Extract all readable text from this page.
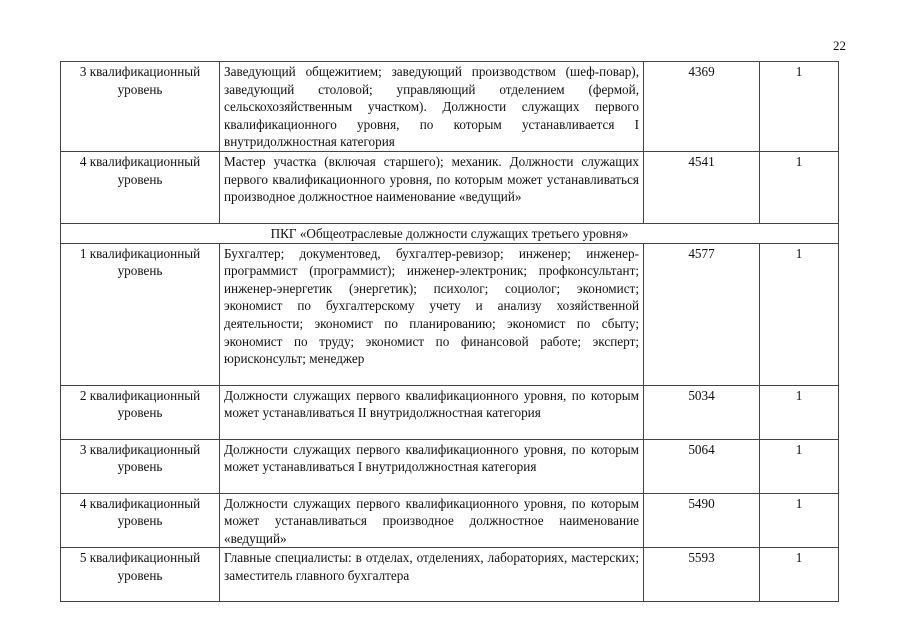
22
3 квалификационный уровень	Заведующий общежитием; заведующий производством (шеф-повар), заведующий столовой; управляющий отделением (фермой, сельскохозяйственным участком). Должности служащих первого квалификационного уровня, по которым устанавливается I внутридолжностная категория	4369	1
4 квалификационный уровень	Мастер участка (включая старшего); механик. Должности служащих первого квалификационного уровня, по которым может устанавливаться производное должностное наименование «ведущий»	4541	1
ПКГ «Общеотраслевые должности служащих третьего уровня»			
1 квалификационный уровень	Бухгалтер; документовед, бухгалтер-ревизор; инженер; инженер-программист (программист); инженер-электроник; профконсультант; инженер-энергетик (энергетик); психолог; социолог; экономист; экономист по бухгалтерскому учету и анализу хозяйственной деятельности; экономист по планированию; экономист по сбыту; экономист по труду; экономист по финансовой работе; эксперт; юрисконсульт; менеджер	4577	1
2 квалификационный уровень	Должности служащих первого квалификационного уровня, по которым может устанавливаться II внутридолжностная категория	5034	1
3 квалификационный уровень	Должности служащих первого квалификационного уровня, по которым может устанавливаться I внутридолжностная категория	5064	1
4 квалификационный уровень	Должности служащих первого квалификационного уровня, по которым может устанавливаться производное должностное наименование «ведущий»	5490	1
5 квалификационный уровень	Главные специалисты: в отделах, отделениях, лабораториях, мастерских; заместитель главного бухгалтера	5593	1
